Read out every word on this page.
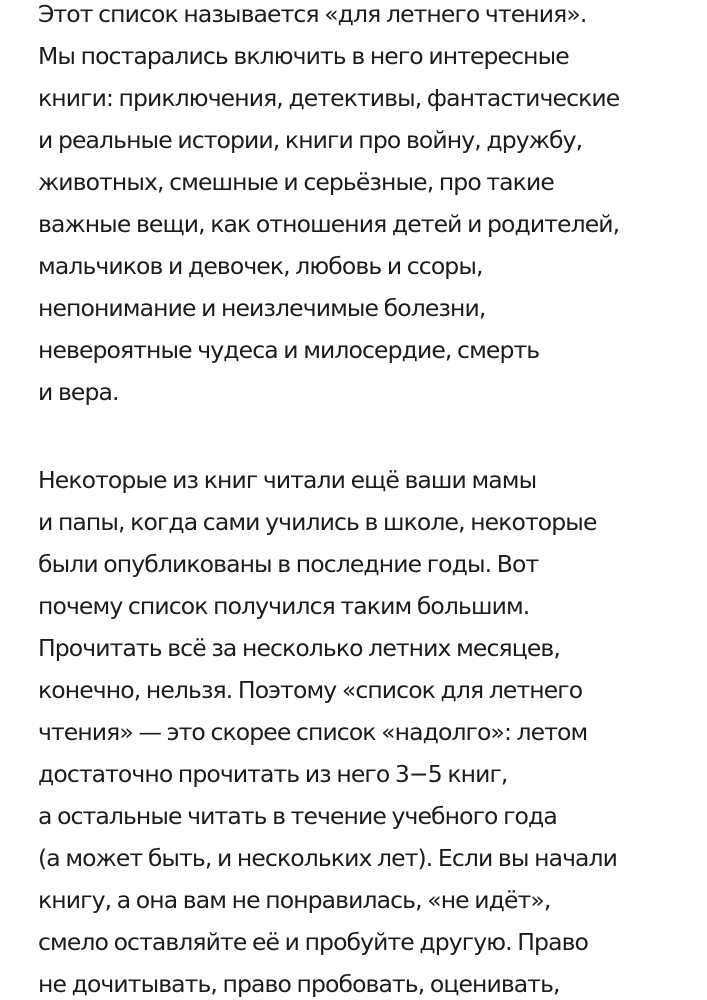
Этот список называется «для летнего чтения».
Мы постарались включить в него интересные
книги: приключения, детективы, фантастические
и реальные истории, книги про войну, дружбу,
животных, смешные и серьёзные, про такие
важные вещи, как отношения детей и родителей,
мальчиков и девочек, любовь и ссоры,
непонимание и неизлечимые болезни,
невероятные чудеса и милосердие, смерть
и вера.
Некоторые из книг читали ещё ваши мамы
и папы, когда сами учились в школе, некоторые
были опубликованы в последние годы. Вот
почему список получился таким большим.
Прочитать всё за несколько летних месяцев,
конечно, нельзя. Поэтому «список для летнего
чтения» — это скорее список «надолго»: летом
достаточно прочитать из него 3−5 книг,
а остальные читать в течение учебного года
(а может быть, и нескольких лет). Если вы начали
книгу, а она вам не понравилась, «не идёт»,
смело оставляйте её и пробуйте другую. Право
не дочитывать, право пробовать, оценивать,
